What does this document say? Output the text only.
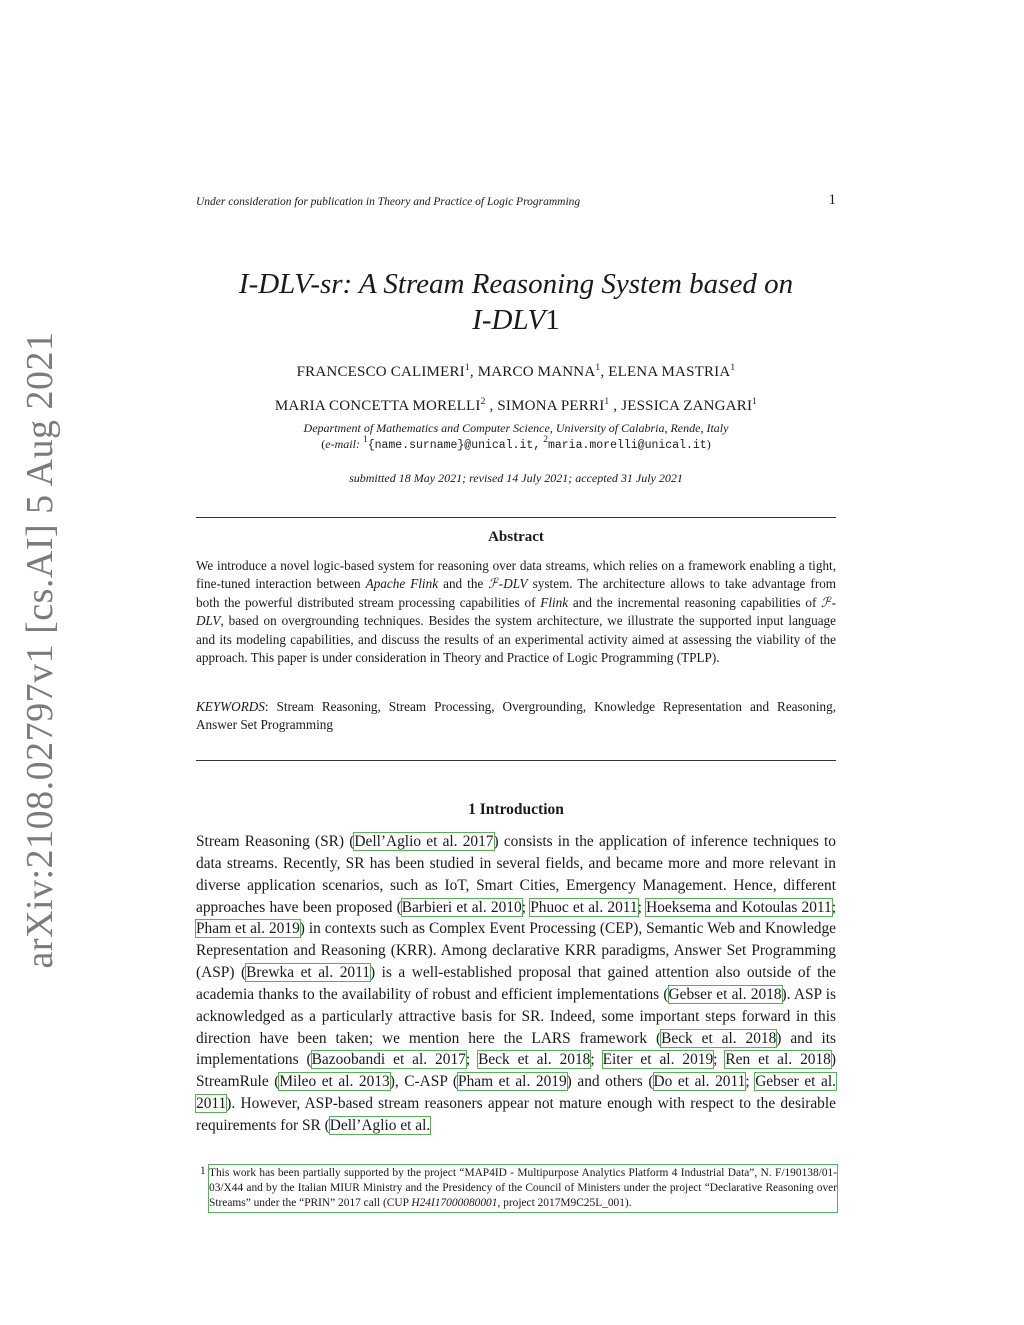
arXiv:2108.02797v1 [cs.AI] 5 Aug 2021
Under consideration for publication in Theory and Practice of Logic Programming	1
I-DLV-sr: A Stream Reasoning System based on
I-DLV1
FRANCESCO CALIMERI$^1$, MARCO MANNA$^1$, ELENA MASTRIA$^1$
MARIA CONCETTA MORELLI$^2$ , SIMONA PERRI$^1$ , JESSICA ZANGARI$^1$
Department of Mathematics and Computer Science, University of Calabria, Rende, Italy
(e-mail: $^1${name.surname}@unical.it, $^2$maria.morelli@unical.it)
submitted 18 May 2021; revised 14 July 2021; accepted 31 July 2021
Abstract

We introduce a novel logic-based system for reasoning over data streams, which relies on a framework enabling a tight, fine-tuned interaction between Apache Flink and the ℐ$^2$-DLV system. The architecture allows to take advantage from both the powerful distributed stream processing capabilities of Flink and the incremental reasoning capabilities of ℐ$^2$-DLV, based on overgrounding techniques. Besides the system architecture, we illustrate the supported input language and its modeling capabilities, and discuss the results of an experimental activity aimed at assessing the viability of the approach. This paper is under consideration in Theory and Practice of Logic Programming (TPLP).

KEYWORDS: Stream Reasoning, Stream Processing, Overgrounding, Knowledge Representation and Reasoning, Answer Set Programming

1 Introduction

Stream Reasoning (SR) (Dell’Aglio et al. 2017) consists in the application of inference techniques to data streams. Recently, SR has been studied in several fields, and became more and more relevant in diverse application scenarios, such as IoT, Smart Cities, Emergency Management. Hence, different approaches have been proposed (Barbieri et al. 2010; Phuoc et al. 2011; Hoeksema and Kotoulas 2011; Pham et al. 2019) in contexts such as Complex Event Processing (CEP), Semantic Web and Knowledge Representation and Reasoning (KRR). Among declarative KRR paradigms, Answer Set Programming (ASP) (Brewka et al. 2011) is a well-established proposal that gained attention also outside of the academia thanks to the availability of robust and efficient implementations (Gebser et al. 2018). ASP is acknowledged as a particularly attractive basis for SR. Indeed, some important steps forward in this direction have been taken; we mention here the LARS framework (Beck et al. 2018) and its implementations (Bazoobandi et al. 2017; Beck et al. 2018; Eiter et al. 2019; Ren et al. 2018) StreamRule (Mileo et al. 2013), C-ASP (Pham et al. 2019) and others (Do et al. 2011; Gebser et al. 2011). However, ASP-based stream reasoners appear not mature enough with respect to the desirable requirements for SR (Dell’Aglio et al.

1 This work has been partially supported by the project “MAP4ID - Multipurpose Analytics Platform 4 Industrial Data”, N. F/190138/01-03/X44 and by the Italian MIUR Ministry and the Presidency of the Council of Ministers under the project “Declarative Reasoning over Streams” under the “PRIN” 2017 call (CUP H24I17000080001, project 2017M9C25L_001).
